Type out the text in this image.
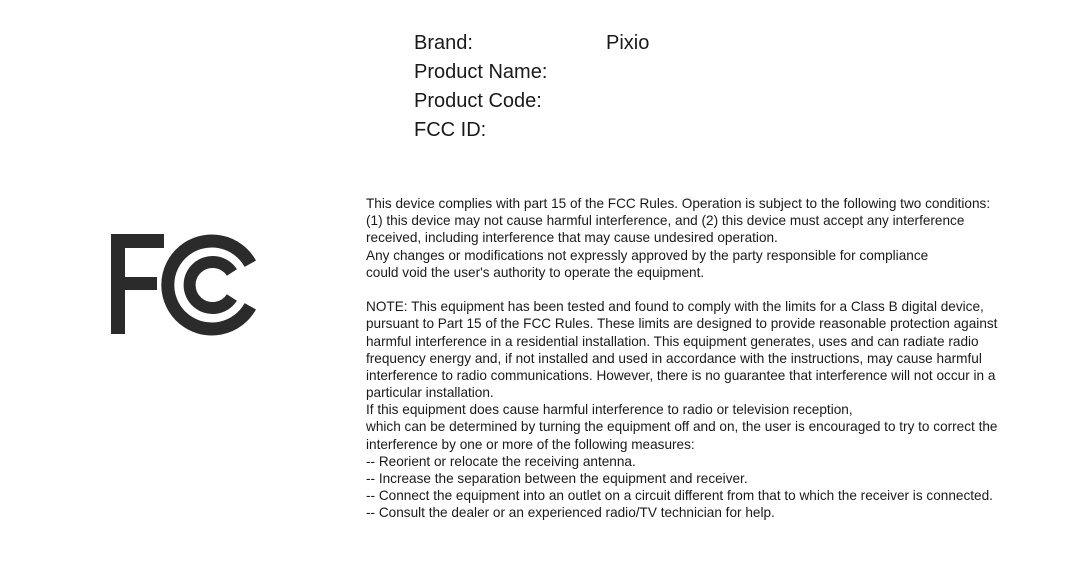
Brand:	Pixio
Product Name:
Product Code:
FCC ID:
This device complies with part 15 of the FCC Rules. Operation is subject to the following two conditions:
(1) this device may not cause harmful interference, and (2) this device must accept any interference
received, including interference that may cause undesired operation.
Any changes or modifications not expressly approved by the party responsible for compliance
could void the user's authority to operate the equipment.
NOTE: This equipment has been tested and found to comply with the limits for a Class B digital device,
pursuant to Part 15 of the FCC Rules. These limits are designed to provide reasonable protection against
harmful interference in a residential installation. This equipment generates, uses and can radiate radio
frequency energy and, if not installed and used in accordance with the instructions, may cause harmful
interference to radio communications. However, there is no guarantee that interference will not occur in a
particular installation.
If this equipment does cause harmful interference to radio or television reception,
which can be determined by turning the equipment off and on, the user is encouraged to try to correct the
interference by one or more of the following measures:
-- Reorient or relocate the receiving antenna.
-- Increase the separation between the equipment and receiver.
-- Connect the equipment into an outlet on a circuit different from that to which the receiver is connected.
-- Consult the dealer or an experienced radio/TV technician for help.
